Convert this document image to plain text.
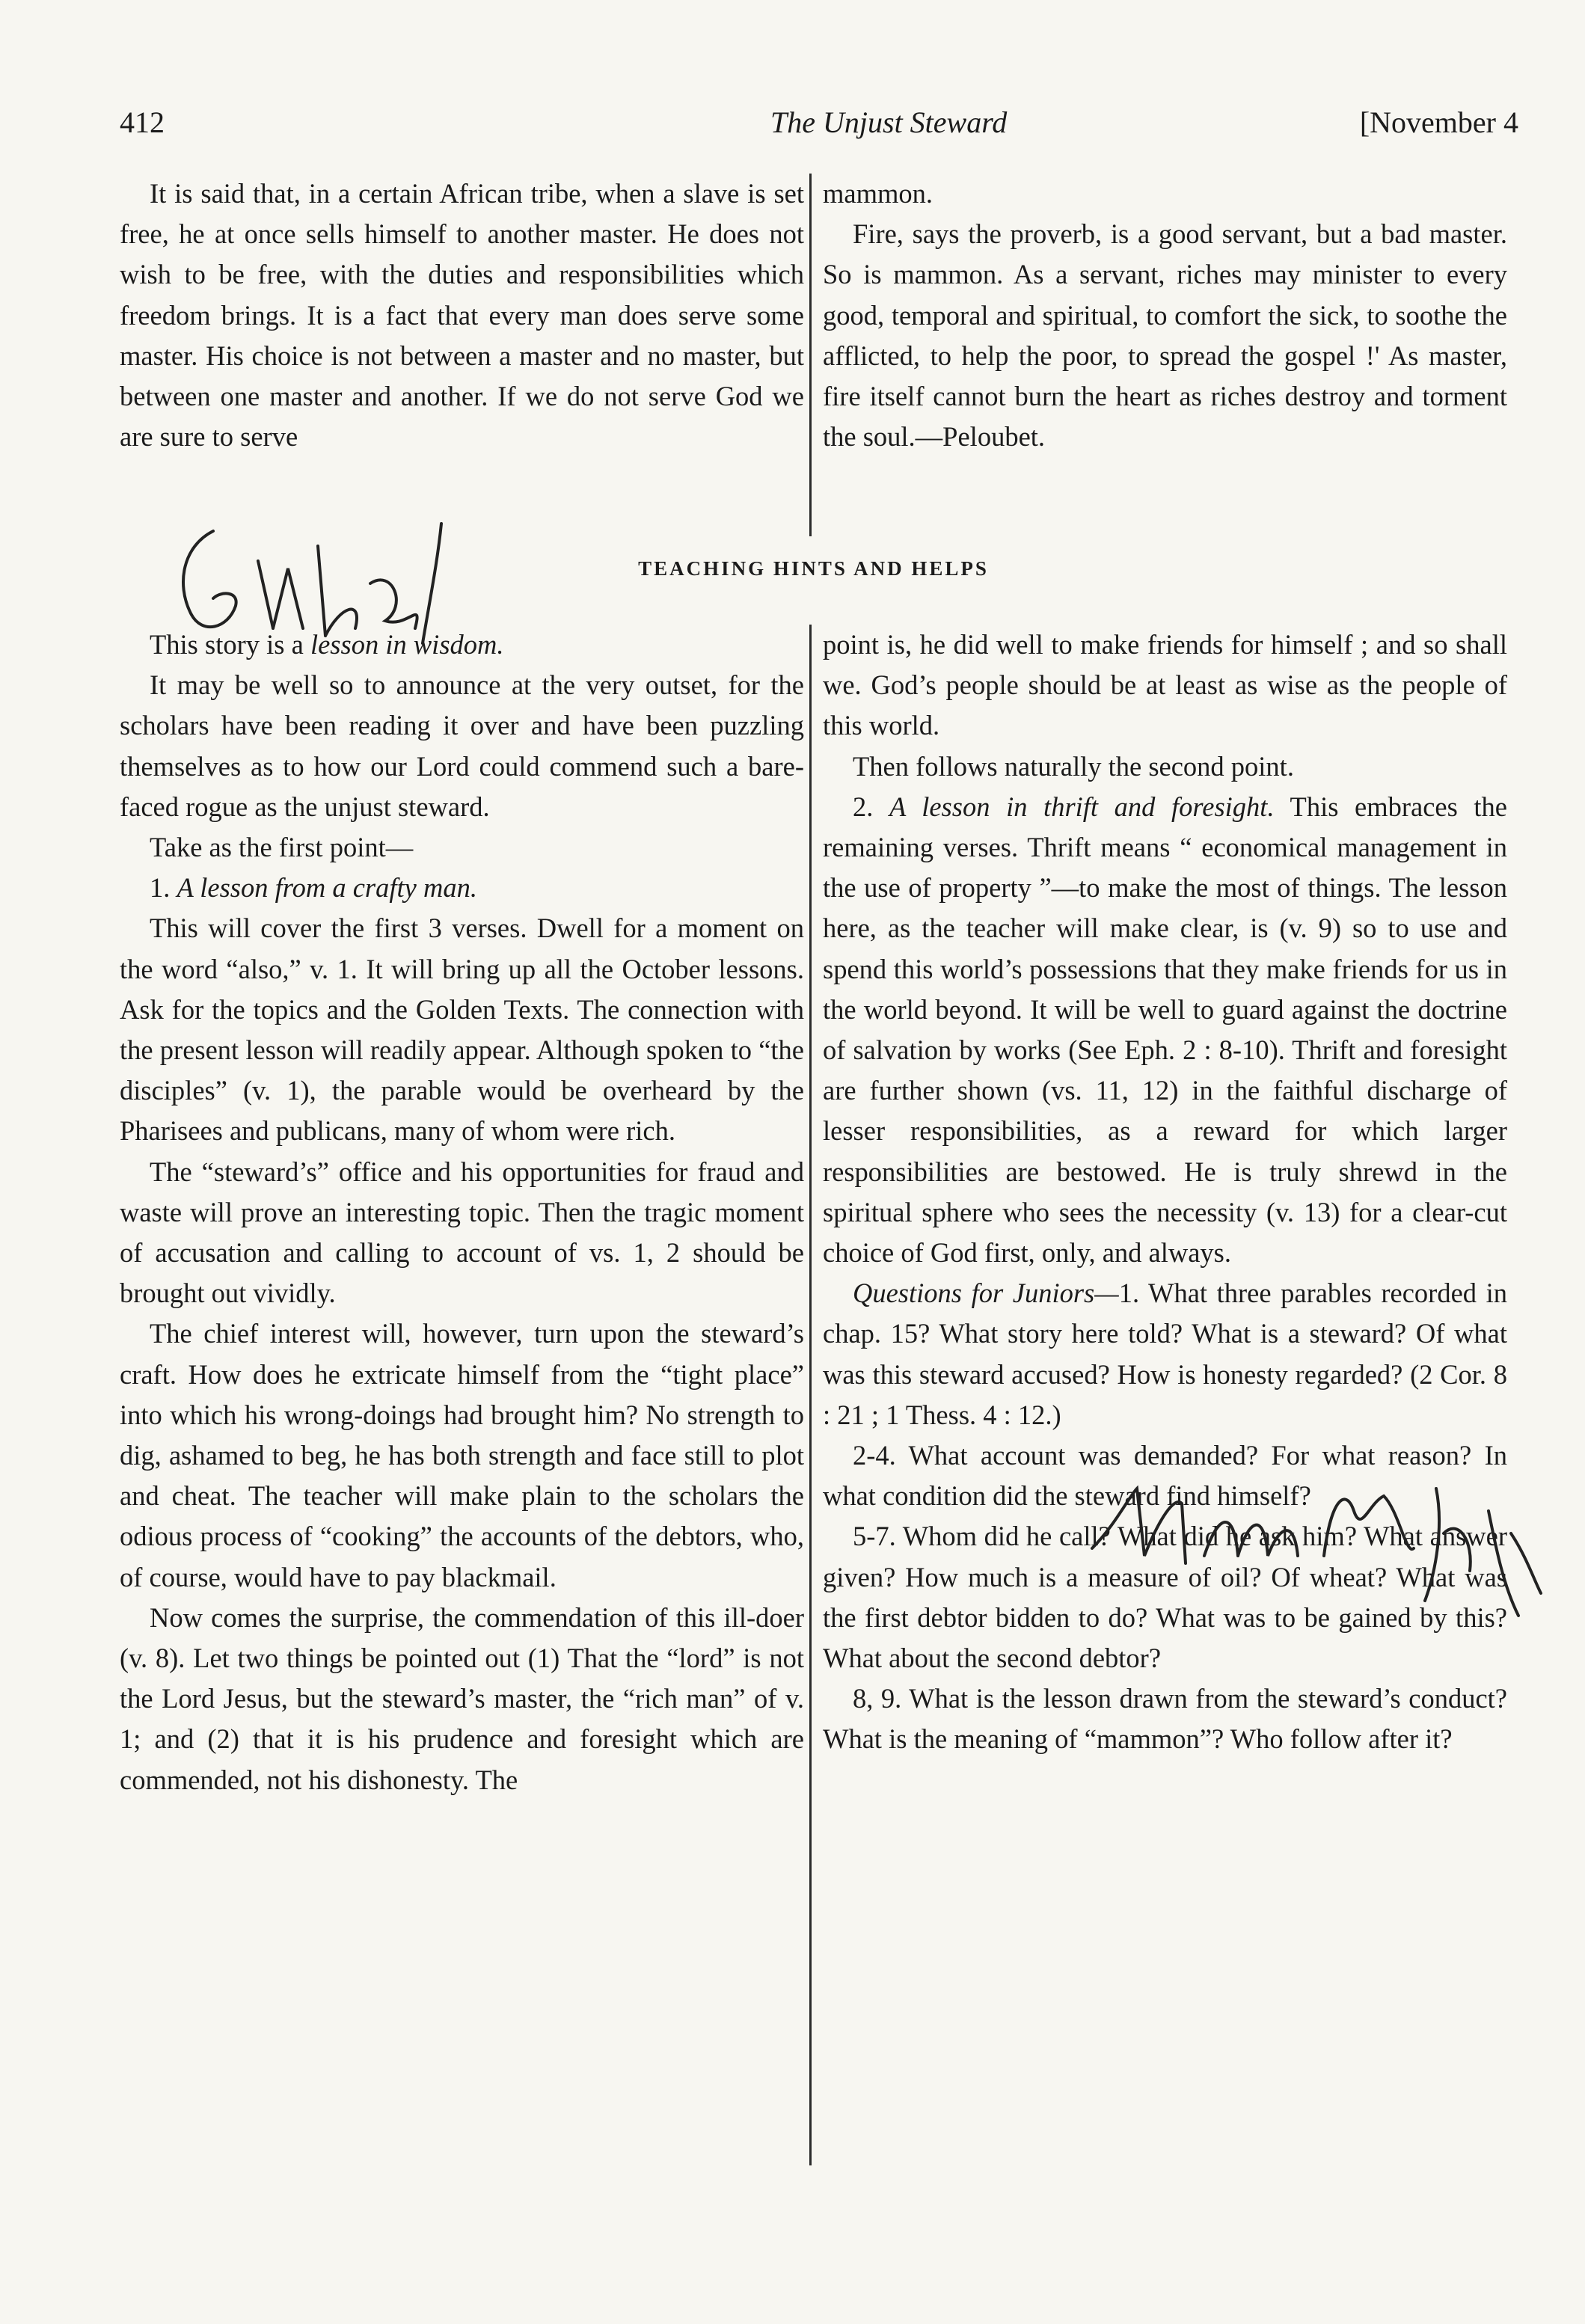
412	The Unjust Steward	[November 4

It is said that, in a certain African tribe, when a slave is set free, he at once sells himself to another master. He does not wish to be free, with the duties and responsibilities which freedom brings. It is a fact that every man does serve some master. His choice is not between a master and no master, but between one master and another. If we do not serve God we are sure to serve

mammon.

Fire, says the proverb, is a good servant, but a bad master. So is mammon. As a servant, riches may minister to every good, temporal and spiritual, to comfort the sick, to soothe the afflicted, to help the poor, to spread the gospel !' As master, fire itself cannot burn the heart as riches destroy and torment the soul.—Peloubet.

TEACHING HINTS AND HELPS

This story is a lesson in wisdom.

It may be well so to announce at the very outset, for the scholars have been reading it over and have been puzzling themselves as to how our Lord could commend such a bare-faced rogue as the unjust steward.

Take as the first point—

1. A lesson from a crafty man.

This will cover the first 3 verses. Dwell for a moment on the word “also,” v. 1. It will bring up all the October lessons. Ask for the topics and the Golden Texts. The connection with the present lesson will readily appear. Although spoken to “the disciples” (v. 1), the parable would be overheard by the Pharisees and publicans, many of whom were rich.

The “steward’s” office and his opportunities for fraud and waste will prove an interesting topic. Then the tragic moment of accusation and calling to account of vs. 1, 2 should be brought out vividly.

The chief interest will, however, turn upon the steward’s craft. How does he extricate himself from the “tight place” into which his wrong-doings had brought him? No strength to dig, ashamed to beg, he has both strength and face still to plot and cheat. The teacher will make plain to the scholars the odious process of “cooking” the accounts of the debtors, who, of course, would have to pay blackmail.

Now comes the surprise, the commendation of this ill-doer (v. 8). Let two things be pointed out (1) That the “lord” is not the Lord Jesus, but the steward’s master, the “rich man” of v. 1; and (2) that it is his prudence and foresight which are commended, not his dishonesty. The

point is, he did well to make friends for himself ; and so shall we. God’s people should be at least as wise as the people of this world.

Then follows naturally the second point.

2. A lesson in thrift and foresight. This embraces the remaining verses. Thrift means “ economical management in the use of property ”—to make the most of things. The lesson here, as the teacher will make clear, is (v. 9) so to use and spend this world’s possessions that they make friends for us in the world beyond. It will be well to guard against the doctrine of salvation by works (See Eph. 2 : 8-10). Thrift and foresight are further shown (vs. 11, 12) in the faithful discharge of lesser responsibilities, as a reward for which larger responsibilities are bestowed. He is truly shrewd in the spiritual sphere who sees the necessity (v. 13) for a clear-cut choice of God first, only, and always.

Questions for Juniors—1. What three parables recorded in chap. 15? What story here told? What is a steward? Of what was this steward accused? How is honesty regarded? (2 Cor. 8 : 21 ; 1 Thess. 4 : 12.)

2-4. What account was demanded? For what reason? In what condition did the steward find himself?

5-7. Whom did he call? What did he ask him? What answer given? How much is a measure of oil? Of wheat? What was the first debtor bidden to do? What was to be gained by this? What about the second debtor?

8, 9. What is the lesson drawn from the steward’s conduct? What is the meaning of “mammon”? Who follow after it?
